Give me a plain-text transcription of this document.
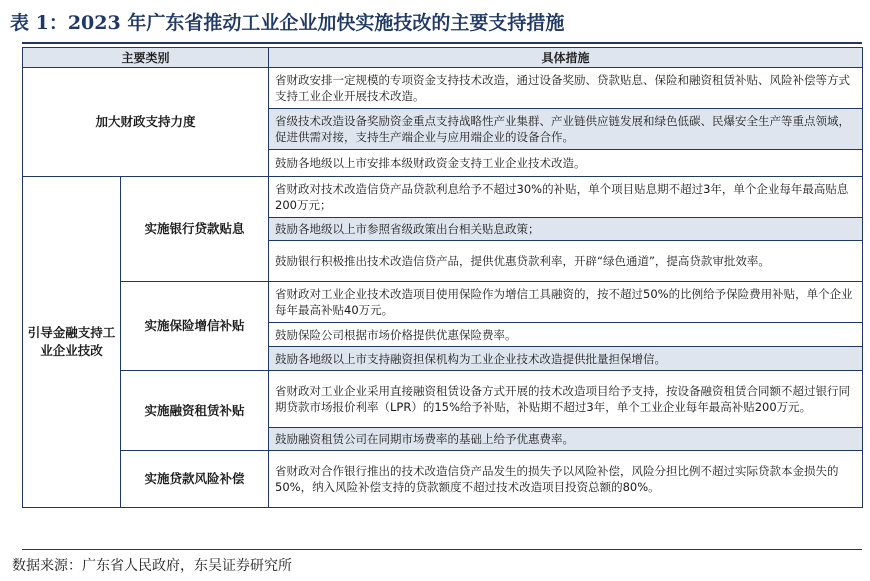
表 1：2023 年广东省推动工业企业加快实施技改的主要支持措施
主要类别		具体措施
加大财政支持力度		省财政安排一定规模的专项资金支持技术改造，通过设备奖励、贷款贴息、保险和融资租赁补贴、风险补偿等方式支持工业企业开展技术改造。
		省级技术改造设备奖励资金重点支持战略性产业集群、产业链供应链发展和绿色低碳、民爆安全生产等重点领域，促进供需对接，支持生产端企业与应用端企业的设备合作。
		鼓励各地级以上市安排本级财政资金支持工业企业技术改造。
引导金融支持工业企业技改	实施银行贷款贴息	省财政对技术改造信贷产品贷款利息给予不超过30%的补贴，单个项目贴息期不超过3年，单个企业每年最高贴息200万元；
		鼓励各地级以上市参照省级政策出台相关贴息政策；
		鼓励银行积极推出技术改造信贷产品，提供优惠贷款利率，开辟“绿色通道”，提高贷款审批效率。
	实施保险增信补贴	省财政对工业企业技术改造项目使用保险作为增信工具融资的，按不超过50%的比例给予保险费用补贴，单个企业每年最高补贴40万元。
		鼓励保险公司根据市场价格提供优惠保险费率。
		鼓励各地级以上市支持融资担保机构为工业企业技术改造提供批量担保增信。
	实施融资租赁补贴	省财政对工业企业采用直接融资租赁设备方式开展的技术改造项目给予支持，按设备融资租赁合同额不超过银行同期贷款市场报价利率（LPR）的15%给予补贴，补贴期不超过3年，单个工业企业每年最高补贴200万元。
		鼓励融资租赁公司在同期市场费率的基础上给予优惠费率。
	实施贷款风险补偿	省财政对合作银行推出的技术改造信贷产品发生的损失予以风险补偿，风险分担比例不超过实际贷款本金损失的50%，纳入风险补偿支持的贷款额度不超过技术改造项目投资总额的80%。
数据来源：广东省人民政府，东吴证券研究所
